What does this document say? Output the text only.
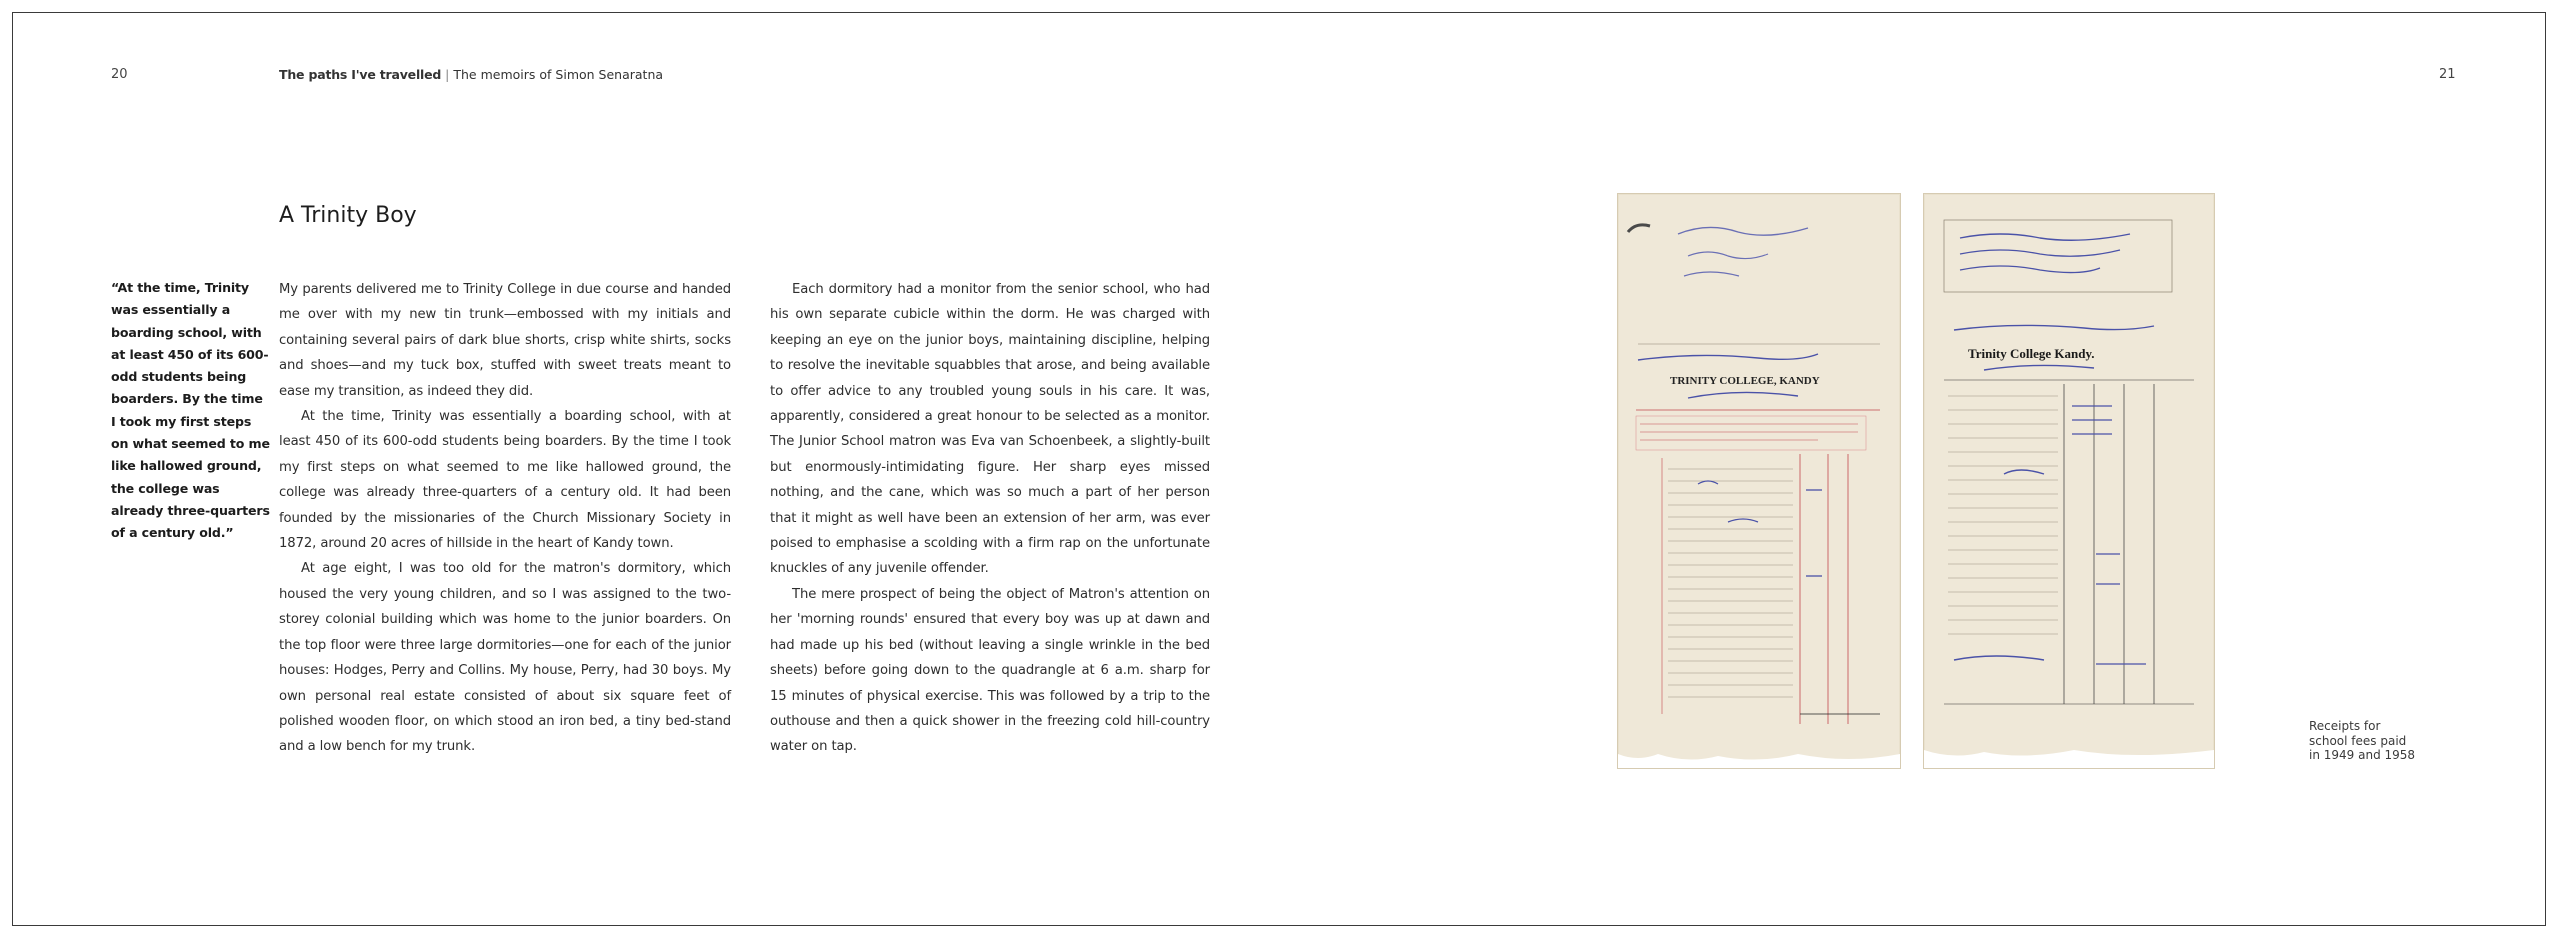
20	The paths I've travelled | The memoirs of Simon Senaratna	21
A Trinity Boy
“At the time, Trinity was essentially a boarding school, with at least 450 of its 600-odd students being boarders. By the time I took my first steps on what seemed to me like hallowed ground, the college was already three-quarters of a century old.”

My parents delivered me to Trinity College in due course and handed me over with my new tin trunk—embossed with my initials and containing several pairs of dark blue shorts, crisp white shirts, socks and shoes—and my tuck box, stuffed with sweet treats meant to ease my transition, as indeed they did.

At the time, Trinity was essentially a boarding school, with at least 450 of its 600-odd students being boarders. By the time I took my first steps on what seemed to me like hallowed ground, the college was already three-quarters of a century old. It had been founded by the missionaries of the Church Missionary Society in 1872, around 20 acres of hillside in the heart of Kandy town.

At age eight, I was too old for the matron's dormitory, which housed the very young children, and so I was assigned to the two-storey colonial building which was home to the junior boarders. On the top floor were three large dormitories—one for each of the junior houses: Hodges, Perry and Collins. My house, Perry, had 30 boys. My own personal real estate consisted of about six square feet of polished wooden floor, on which stood an iron bed, a tiny bed-stand and a low bench for my trunk.

Each dormitory had a monitor from the senior school, who had his own separate cubicle within the dorm. He was charged with keeping an eye on the junior boys, maintaining discipline, helping to resolve the inevitable squabbles that arose, and being available to offer advice to any troubled young souls in his care. It was, apparently, considered a great honour to be selected as a monitor. The Junior School matron was Eva van Schoenbeek, a slightly-built but enormously-intimidating figure. Her sharp eyes missed nothing, and the cane, which was so much a part of her person that it might as well have been an extension of her arm, was ever poised to emphasise a scolding with a firm rap on the unfortunate knuckles of any juvenile offender.

The mere prospect of being the object of Matron's attention on her 'morning rounds' ensured that every boy was up at dawn and had made up his bed (without leaving a single wrinkle in the bed sheets) before going down to the quadrangle at 6 a.m. sharp for 15 minutes of physical exercise. This was followed by a trip to the outhouse and then a quick shower in the freezing cold hill-country water on tap.

TRINITY COLLEGE, KANDY
Trinity College Kandy.
Receipts for school fees paid in 1949 and 1958
